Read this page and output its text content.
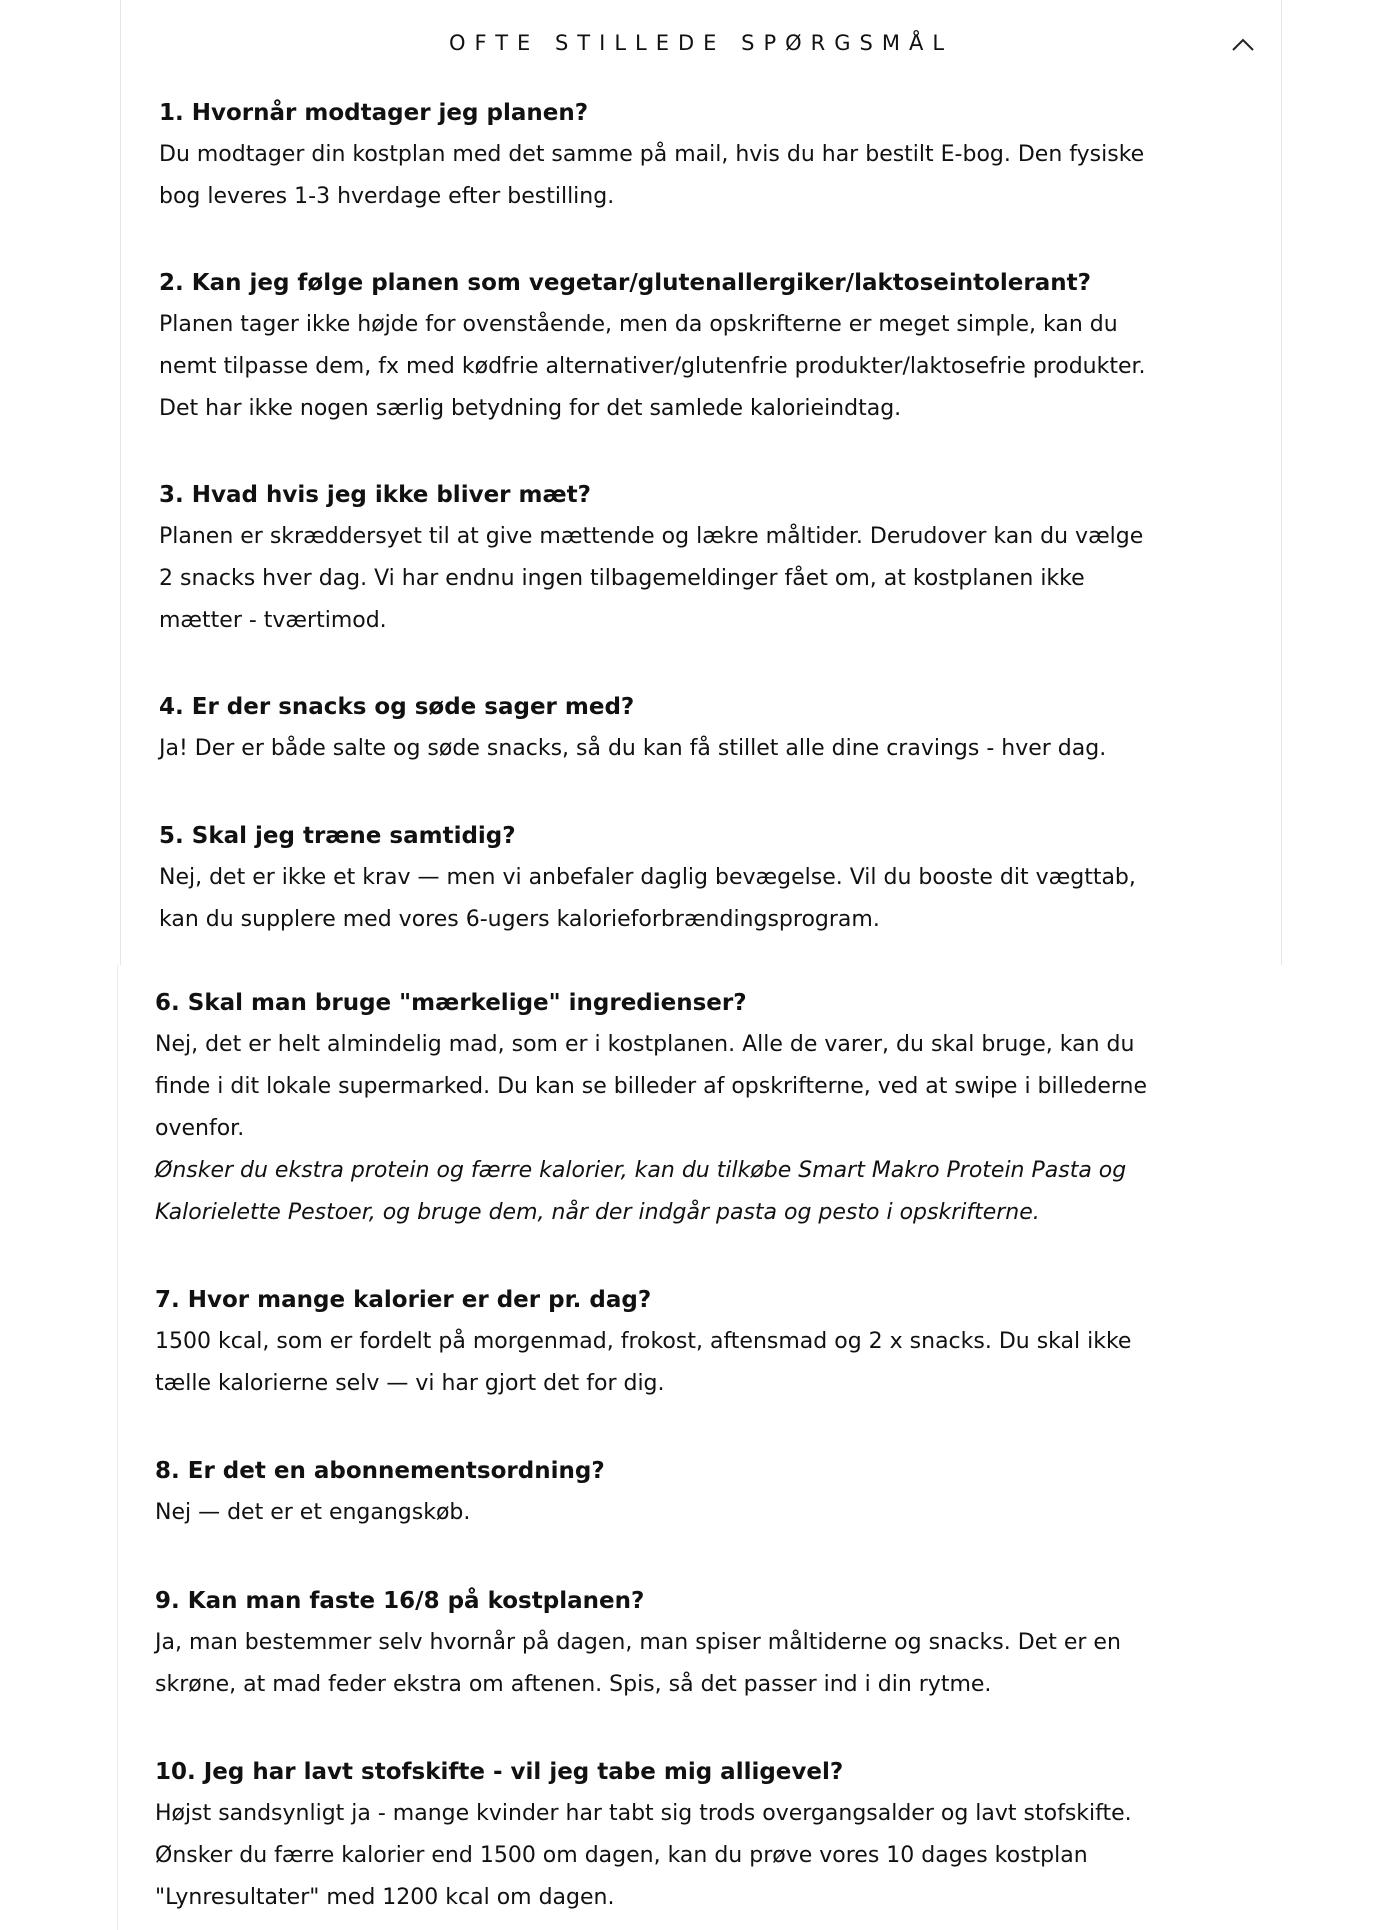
OFTE STILLEDE SPØRGSMÅL

1. Hvornår modtager jeg planen?

Du modtager din kostplan med det samme på mail, hvis du har bestilt E-bog. Den fysiske

bog leveres 1-3 hverdage efter bestilling.

2. Kan jeg følge planen som vegetar/glutenallergiker/laktoseintolerant?

Planen tager ikke højde for ovenstående, men da opskrifterne er meget simple, kan du

nemt tilpasse dem, fx med kødfrie alternativer/glutenfrie produkter/laktosefrie produkter.

Det har ikke nogen særlig betydning for det samlede kalorieindtag.

3. Hvad hvis jeg ikke bliver mæt?

Planen er skræddersyet til at give mættende og lækre måltider. Derudover kan du vælge

2 snacks hver dag. Vi har endnu ingen tilbagemeldinger fået om, at kostplanen ikke

mætter - tværtimod.

4. Er der snacks og søde sager med?

Ja! Der er både salte og søde snacks, så du kan få stillet alle dine cravings - hver dag.

5. Skal jeg træne samtidig?

Nej, det er ikke et krav — men vi anbefaler daglig bevægelse. Vil du booste dit vægttab,

kan du supplere med vores 6-ugers kalorieforbrændingsprogram.

6. Skal man bruge "mærkelige" ingredienser?

Nej, det er helt almindelig mad, som er i kostplanen. Alle de varer, du skal bruge, kan du

finde i dit lokale supermarked. Du kan se billeder af opskrifterne, ved at swipe i billederne

ovenfor.

Ønsker du ekstra protein og færre kalorier, kan du tilkøbe Smart Makro Protein Pasta og

Kalorielette Pestoer, og bruge dem, når der indgår pasta og pesto i opskrifterne.

7. Hvor mange kalorier er der pr. dag?

1500 kcal, som er fordelt på morgenmad, frokost, aftensmad og 2 x snacks. Du skal ikke

tælle kalorierne selv — vi har gjort det for dig.

8. Er det en abonnementsordning?

Nej — det er et engangskøb.

9. Kan man faste 16/8 på kostplanen?

Ja, man bestemmer selv hvornår på dagen, man spiser måltiderne og snacks. Det er en

skrøne, at mad feder ekstra om aftenen. Spis, så det passer ind i din rytme.

10. Jeg har lavt stofskifte - vil jeg tabe mig alligevel?

Højst sandsynligt ja - mange kvinder har tabt sig trods overgangsalder og lavt stofskifte.

Ønsker du færre kalorier end 1500 om dagen, kan du prøve vores 10 dages kostplan

"Lynresultater" med 1200 kcal om dagen.
